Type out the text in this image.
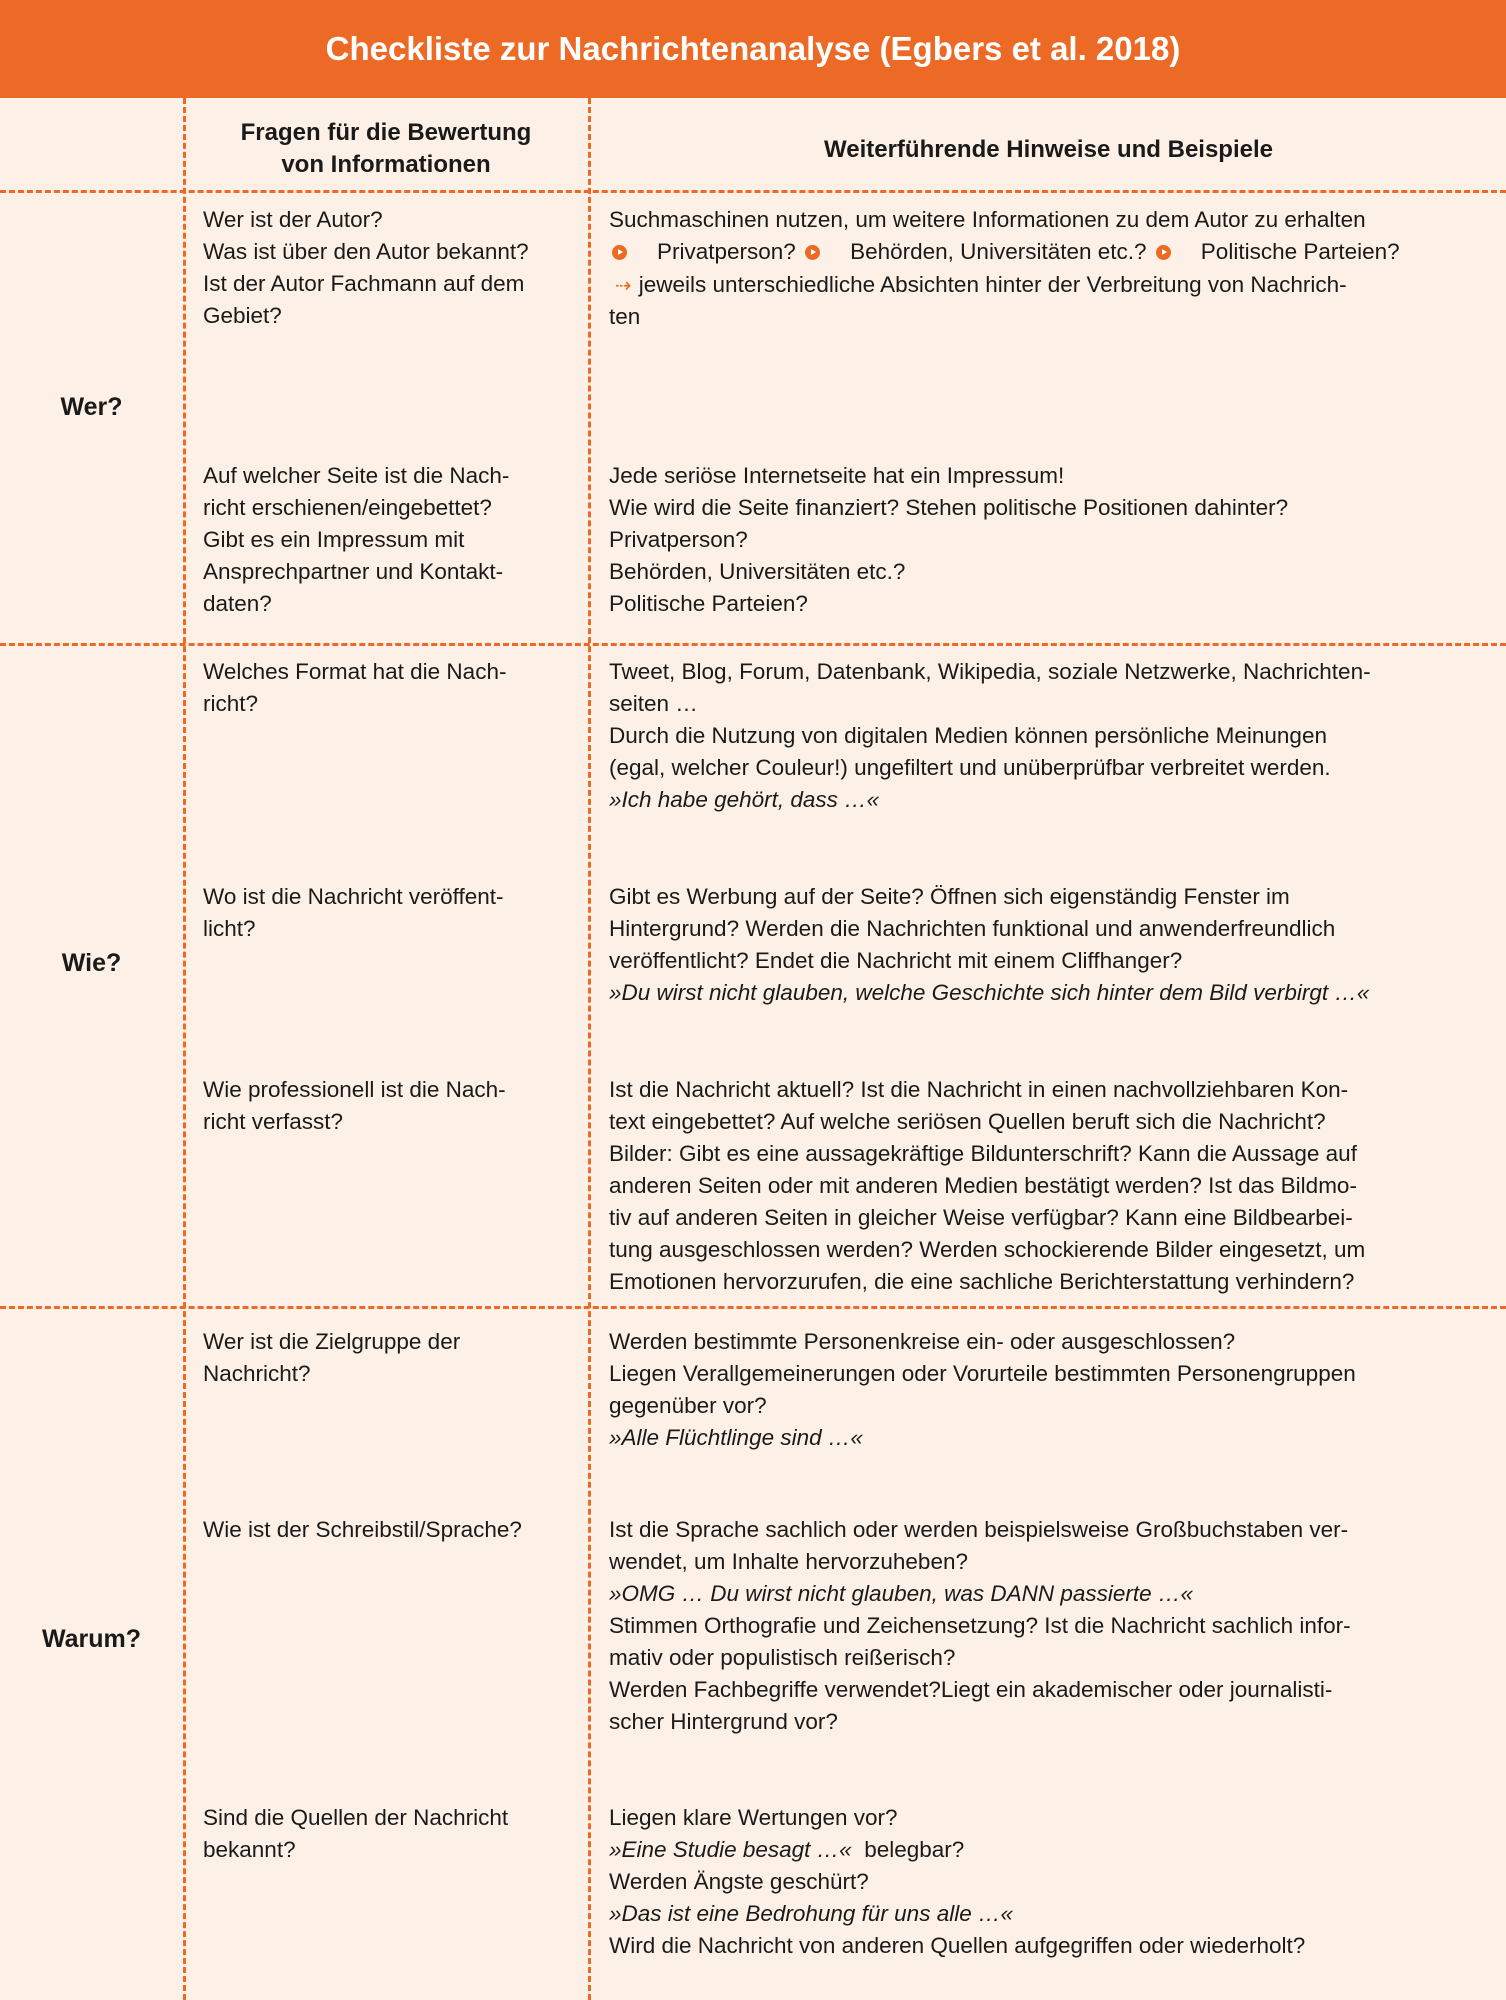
Checkliste zur Nachrichtenanalyse (Egbers et al. 2018)
Fragen für die Bewertung
von Informationen
Weiterführende Hinweise und Beispiele
Wer?
Wie?
Warum?
Wer ist der Autor?
Was ist über den Autor bekannt?
Ist der Autor Fachmann auf dem
Gebiet?
Suchmaschinen nutzen, um weitere Informationen zu dem Autor zu erhalten
Privatperson?
Behörden, Universitäten etc.?
Politische Parteien?
⇢ jeweils unterschiedliche Absichten hinter der Verbreitung von Nachrich-
ten
Auf welcher Seite ist die Nach-
richt erschienen/eingebettet?
Gibt es ein Impressum mit
Ansprechpartner und Kontakt-
daten?
Jede seriöse Internetseite hat ein Impressum!
Wie wird die Seite finanziert? Stehen politische Positionen dahinter?
Privatperson?
Behörden, Universitäten etc.?
Politische Parteien?
Welches Format hat die Nach-
richt?
Tweet, Blog, Forum, Datenbank, Wikipedia, soziale Netzwerke, Nachrichten-
seiten …
Durch die Nutzung von digitalen Medien können persönliche Meinungen
(egal, welcher Couleur!) ungefiltert und unüberprüfbar verbreitet werden.
»Ich habe gehört, dass …«
Wo ist die Nachricht veröffent-
licht?
Gibt es Werbung auf der Seite? Öffnen sich eigenständig Fenster im
Hintergrund? Werden die Nachrichten funktional und anwenderfreundlich
veröffentlicht? Endet die Nachricht mit einem Cliffhanger?
»Du wirst nicht glauben, welche Geschichte sich hinter dem Bild verbirgt …«
Wie professionell ist die Nach-
richt verfasst?
Ist die Nachricht aktuell? Ist die Nachricht in einen nachvollziehbaren Kon-
text eingebettet? Auf welche seriösen Quellen beruft sich die Nachricht?
Bilder: Gibt es eine aussagekräftige Bildunterschrift? Kann die Aussage auf
anderen Seiten oder mit anderen Medien bestätigt werden? Ist das Bildmo-
tiv auf anderen Seiten in gleicher Weise verfügbar? Kann eine Bildbearbei-
tung ausgeschlossen werden? Werden schockierende Bilder eingesetzt, um
Emotionen hervorzurufen, die eine sachliche Berichterstattung verhindern?
Wer ist die Zielgruppe der
Nachricht?
Werden bestimmte Personenkreise ein- oder ausgeschlossen?
Liegen Verallgemeinerungen oder Vorurteile bestimmten Personengruppen
gegenüber vor?
»Alle Flüchtlinge sind …«
Wie ist der Schreibstil/Sprache?	Ist die Sprache sachlich oder werden beispielsweise Großbuchstaben ver-
wendet, um Inhalte hervorzuheben?
»OMG … Du wirst nicht glauben, was DANN passierte …«
Stimmen Orthografie und Zeichensetzung? Ist die Nachricht sachlich infor-
mativ oder populistisch reißerisch?
Werden Fachbegriffe verwendet?Liegt ein akademischer oder journalisti-
scher Hintergrund vor?
Sind die Quellen der Nachricht
bekannt?
Liegen klare Wertungen vor?
»Eine Studie besagt …« belegbar?
Werden Ängste geschürt?
»Das ist eine Bedrohung für uns alle …«
Wird die Nachricht von anderen Quellen aufgegriffen oder wiederholt?
